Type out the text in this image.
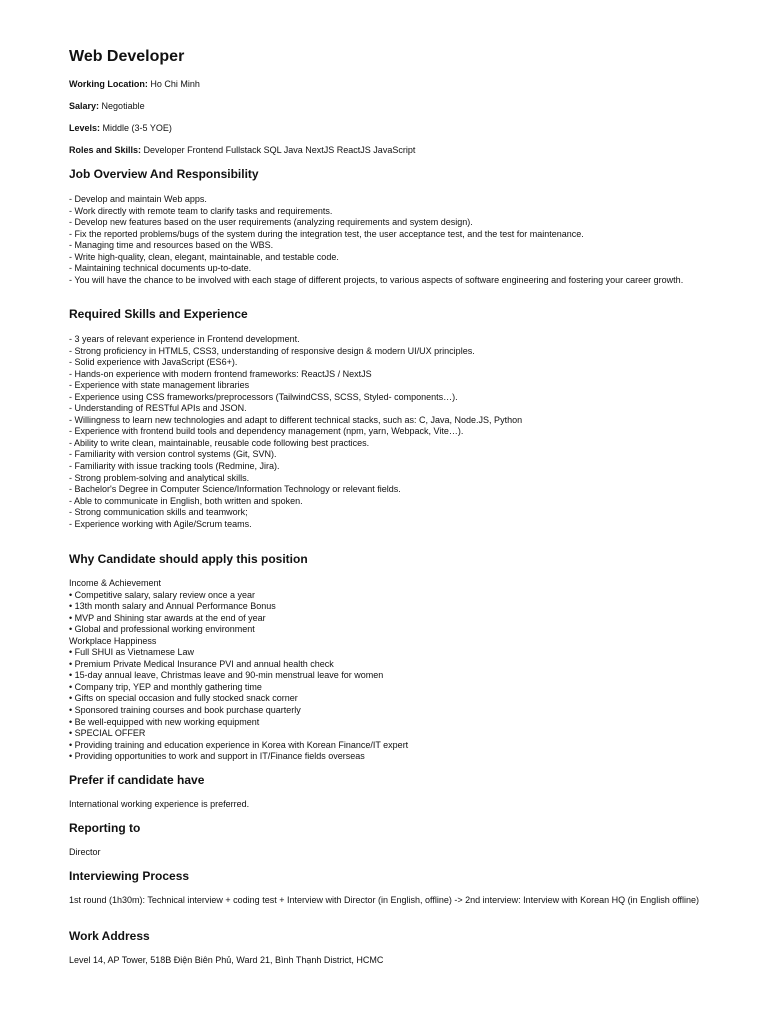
Web Developer

Working Location: Ho Chi Minh

Salary: Negotiable

Levels: Middle (3-5 YOE)

Roles and Skills: Developer Frontend Fullstack SQL Java NextJS ReactJS JavaScript

Job Overview And Responsibility
- Develop and maintain Web apps.
- Work directly with remote team to clarify tasks and requirements.
- Develop new features based on the user requirements (analyzing requirements and system design).
- Fix the reported problems/bugs of the system during the integration test, the user acceptance test, and the test for maintenance.
- Managing time and resources based on the WBS.
- Write high-quality, clean, elegant, maintainable, and testable code.
- Maintaining technical documents up-to-date.
- You will have the chance to be involved with each stage of different projects, to various aspects of software engineering and fostering your career growth.
Required Skills and Experience
- 3 years of relevant experience in Frontend development.
- Strong proficiency in HTML5, CSS3, understanding of responsive design & modern UI/UX principles.
- Solid experience with JavaScript (ES6+).
- Hands-on experience with modern frontend frameworks: ReactJS / NextJS
- Experience with state management libraries
- Experience using CSS frameworks/preprocessors (TailwindCSS, SCSS, Styled- components…).
- Understanding of RESTful APIs and JSON.
- Willingness to learn new technologies and adapt to different technical stacks, such as: C, Java, Node.JS, Python
- Experience with frontend build tools and dependency management (npm, yarn, Webpack, Vite…).
- Ability to write clean, maintainable, reusable code following best practices.
- Familiarity with version control systems (Git, SVN).
- Familiarity with issue tracking tools (Redmine, Jira).
- Strong problem-solving and analytical skills.
- Bachelor's Degree in Computer Science/Information Technology or relevant fields.
- Able to communicate in English, both written and spoken.
- Strong communication skills and teamwork;
- Experience working with Agile/Scrum teams.
Why Candidate should apply this position
Income & Achievement
• Competitive salary, salary review once a year
• 13th month salary and Annual Performance Bonus
• MVP and Shining star awards at the end of year
• Global and professional working environment
Workplace Happiness
• Full SHUI as Vietnamese Law
• Premium Private Medical Insurance PVI and annual health check
• 15-day annual leave, Christmas leave and 90-min menstrual leave for women
• Company trip, YEP and monthly gathering time
• Gifts on special occasion and fully stocked snack corner
• Sponsored training courses and book purchase quarterly
• Be well-equipped with new working equipment
• SPECIAL OFFER
• Providing training and education experience in Korea with Korean Finance/IT expert
• Providing opportunities to work and support in IT/Finance fields overseas
Prefer if candidate have

International working experience is preferred.

Reporting to

Director

Interviewing Process

1st round (1h30m): Technical interview + coding test + Interview with Director (in English, offline) -> 2nd interview: Interview with Korean HQ (in English offline)

Work Address

Level 14, AP Tower, 518B Điện Biên Phủ, Ward 21, Bình Thạnh District, HCMC
